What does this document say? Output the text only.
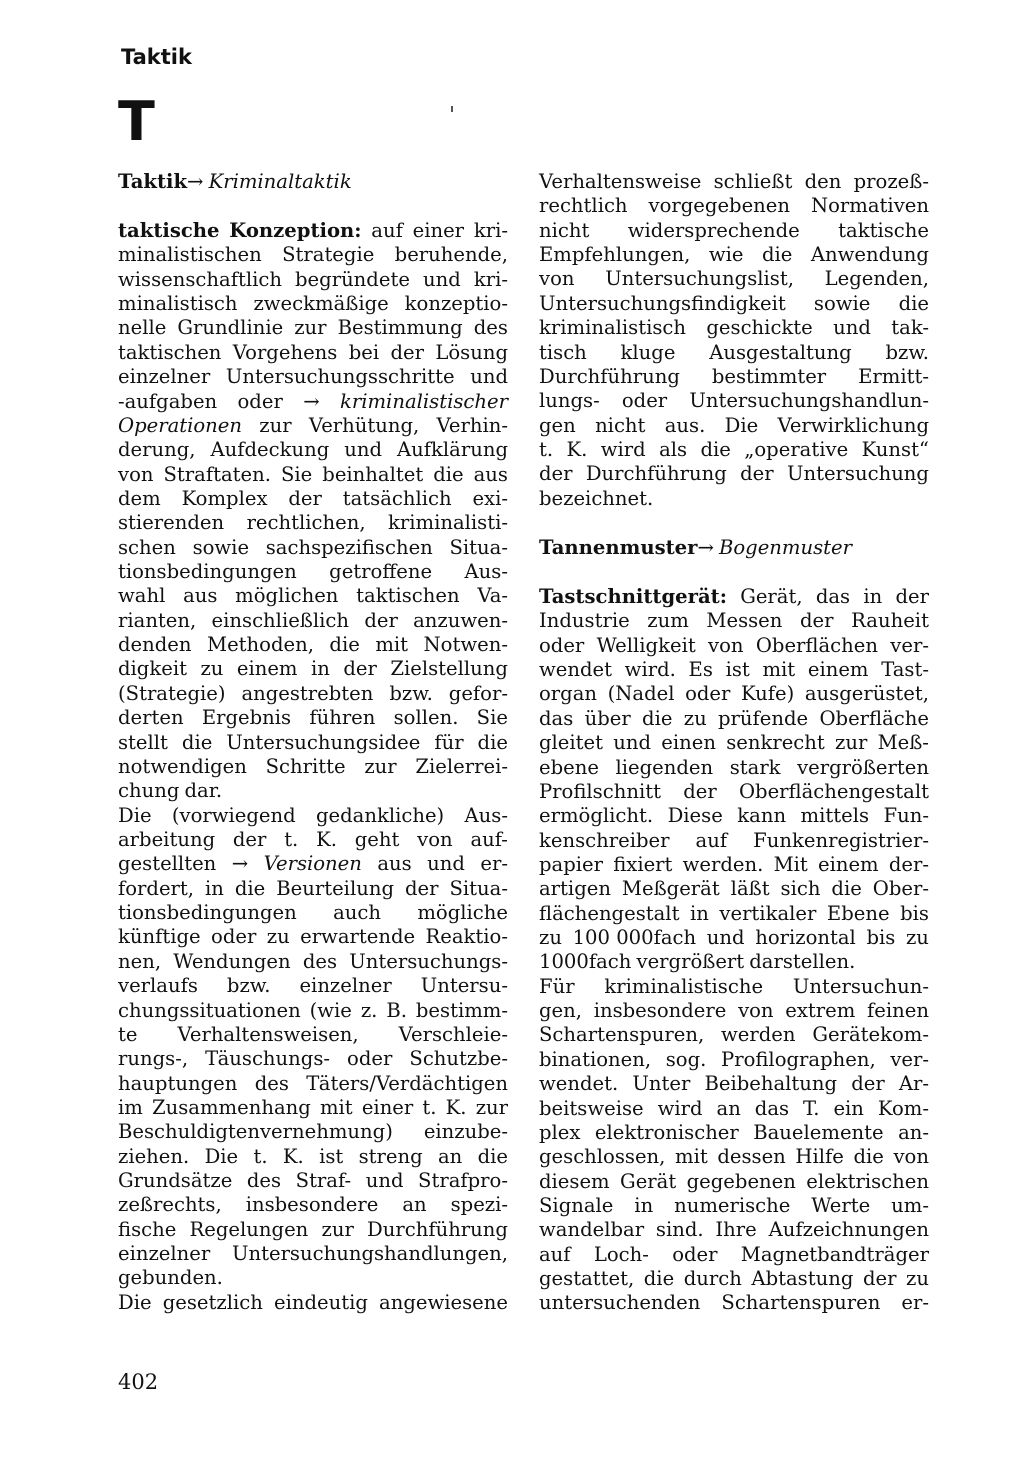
Taktik
T
Taktik → Kriminaltaktik
taktische Konzeption: auf einer kri-
minalistischen Strategie beruhende,
wissenschaftlich begründete und kri-
minalistisch zweckmäßige konzeptio-
nelle Grundlinie zur Bestimmung des
taktischen Vorgehens bei der Lösung
einzelner Untersuchungsschritte und
-aufgaben oder → kriminalistischer
Operationen zur Verhütung, Verhin-
derung, Aufdeckung und Aufklärung
von Straftaten. Sie beinhaltet die aus
dem Komplex der tatsächlich exi-
stierenden rechtlichen, kriminalisti-
schen sowie sachspezifischen Situa-
tionsbedingungen getroffene Aus-
wahl aus möglichen taktischen Va-
rianten, einschließlich der anzuwen-
denden Methoden, die mit Notwen-
digkeit zu einem in der Zielstellung
(Strategie) angestrebten bzw. gefor-
derten Ergebnis führen sollen. Sie
stellt die Untersuchungsidee für die
notwendigen Schritte zur Zielerrei-
chung dar.
Die (vorwiegend gedankliche) Aus-
arbeitung der t. K. geht von auf-
gestellten → Versionen aus und er-
fordert, in die Beurteilung der Situa-
tionsbedingungen auch mögliche
künftige oder zu erwartende Reaktio-
nen, Wendungen des Untersuchungs-
verlaufs bzw. einzelner Untersu-
chungssituationen (wie z. B. bestimm-
te Verhaltensweisen, Verschleie-
rungs-, Täuschungs- oder Schutzbe-
hauptungen des Täters/Verdächtigen
im Zusammenhang mit einer t. K. zur
Beschuldigtenvernehmung) einzube-
ziehen. Die t. K. ist streng an die
Grundsätze des Straf- und Strafpro-
zeßrechts, insbesondere an spezi-
fische Regelungen zur Durchführung
einzelner Untersuchungshandlungen,
gebunden.
Die gesetzlich eindeutig angewiesene
Verhaltensweise schließt den prozeß-
rechtlich vorgegebenen Normativen
nicht widersprechende taktische
Empfehlungen, wie die Anwendung
von Untersuchungslist, Legenden,
Untersuchungsfindigkeit sowie die
kriminalistisch geschickte und tak-
tisch kluge Ausgestaltung bzw.
Durchführung bestimmter Ermitt-
lungs- oder Untersuchungshandlun-
gen nicht aus. Die Verwirklichung
t. K. wird als die „operative Kunst“
der Durchführung der Untersuchung
bezeichnet.
Tannenmuster → Bogenmuster
Tastschnittgerät: Gerät, das in der
Industrie zum Messen der Rauheit
oder Welligkeit von Oberflächen ver-
wendet wird. Es ist mit einem Tast-
organ (Nadel oder Kufe) ausgerüstet,
das über die zu prüfende Oberfläche
gleitet und einen senkrecht zur Meß-
ebene liegenden stark vergrößerten
Profilschnitt der Oberflächengestalt
ermöglicht. Diese kann mittels Fun-
kenschreiber auf Funkenregistrier-
papier fixiert werden. Mit einem der-
artigen Meßgerät läßt sich die Ober-
flächengestalt in vertikaler Ebene bis
zu 100 000fach und horizontal bis zu
1000fach vergrößert darstellen.
Für kriminalistische Untersuchun-
gen, insbesondere von extrem feinen
Schartenspuren, werden Gerätekom-
binationen, sog. Profilographen, ver-
wendet. Unter Beibehaltung der Ar-
beitsweise wird an das T. ein Kom-
plex elektronischer Bauelemente an-
geschlossen, mit dessen Hilfe die von
diesem Gerät gegebenen elektrischen
Signale in numerische Werte um-
wandelbar sind. Ihre Aufzeichnungen
auf Loch- oder Magnetbandträger
gestattet, die durch Abtastung der zu
untersuchenden Schartenspuren er-
402
